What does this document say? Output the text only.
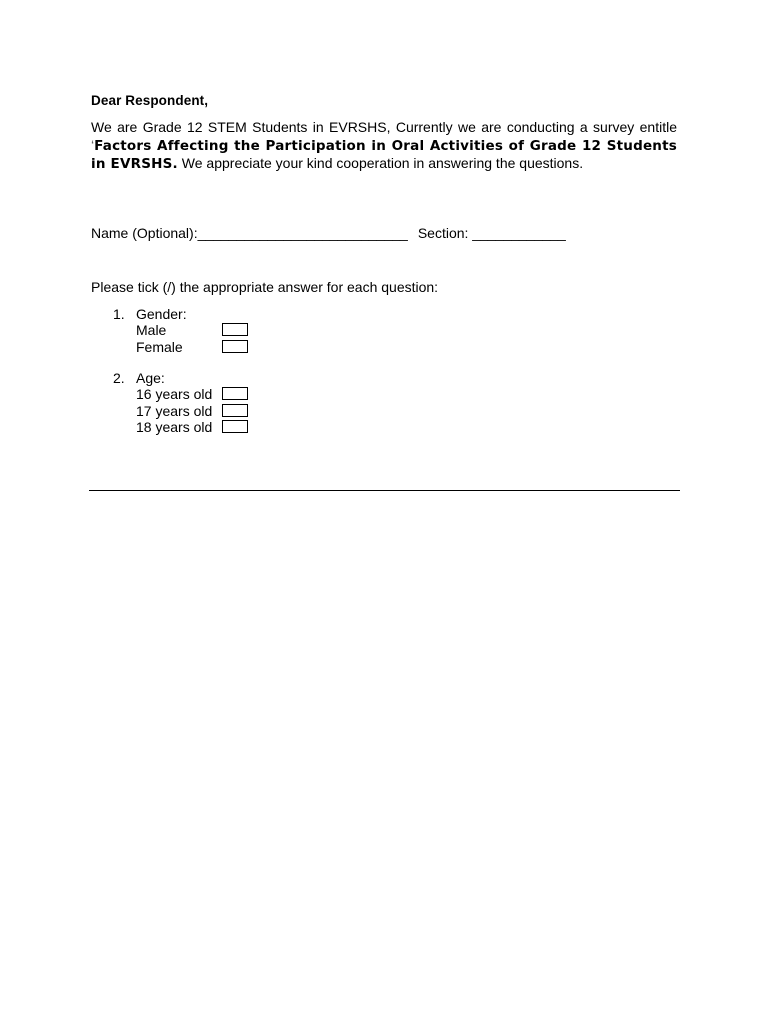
Dear Respondent,
We are Grade 12 STEM Students in EVRSHS, Currently we are conducting a survey entitle ‘Factors Affecting the Participation in Oral Activities of Grade 12 Students in EVRSHS. We appreciate your kind cooperation in answering the questions.
Name (Optional):___________________________ Section: ____________
Please tick (/) the appropriate answer for each question:
1. Gender:
Male
Female
2. Age:
16 years old
17 years old
18 years old
